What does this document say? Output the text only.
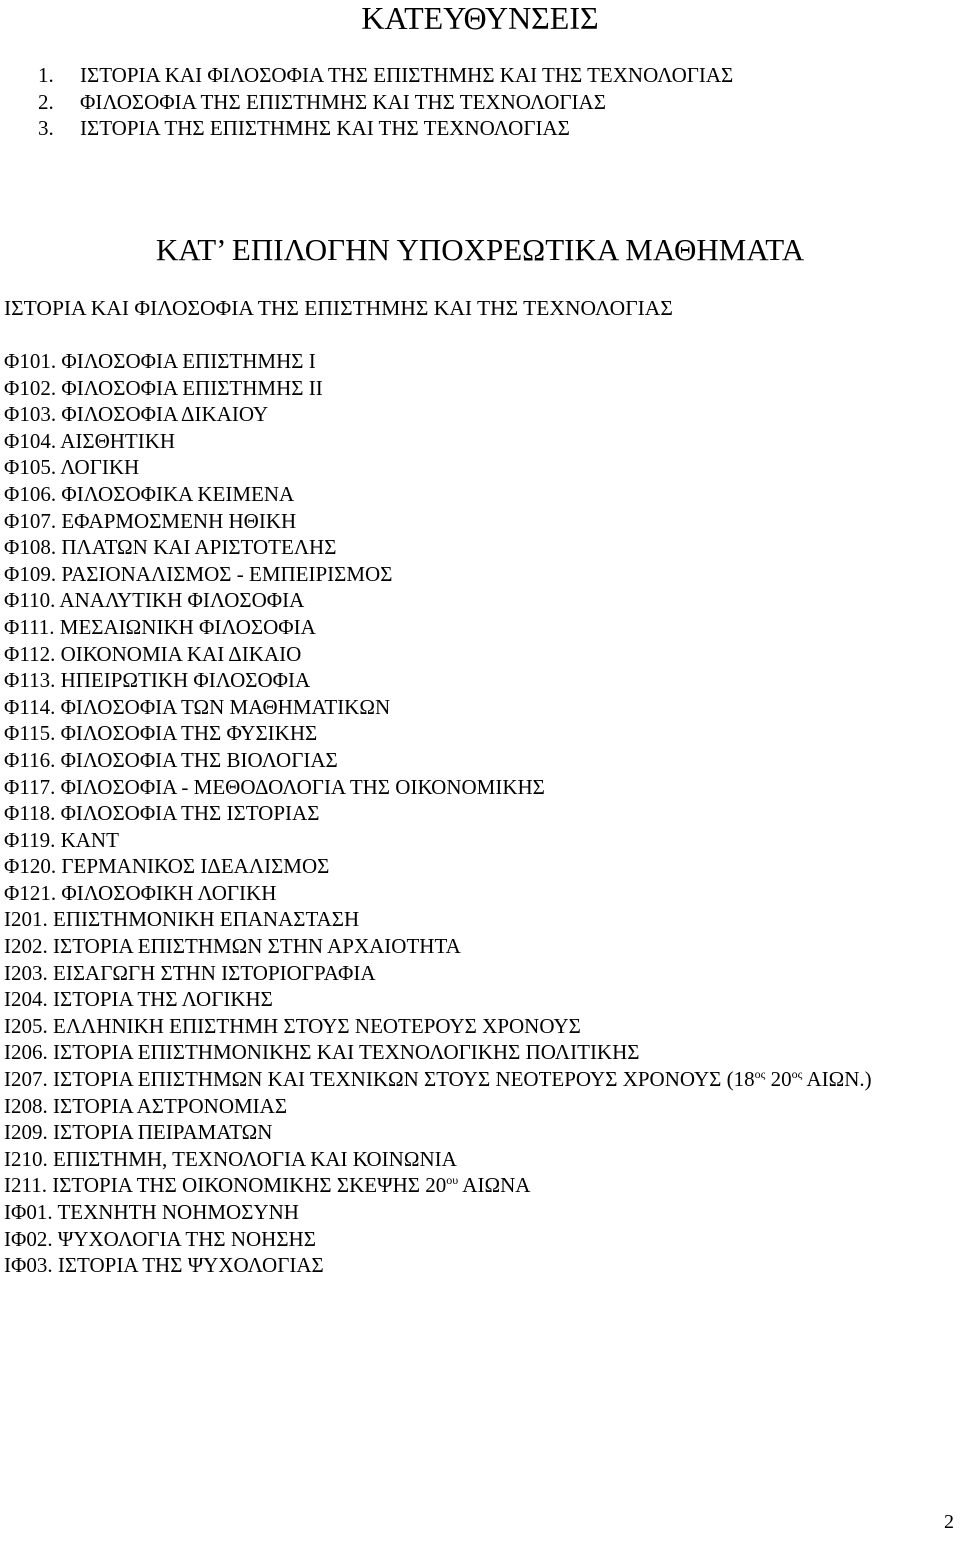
ΚΑΤΕΥΘΥΝΣΕΙΣ
1. ΙΣΤΟΡΙΑ ΚΑΙ ΦΙΛΟΣΟΦΙΑ ΤΗΣ ΕΠΙΣΤΗΜΗΣ ΚΑΙ ΤΗΣ ΤΕΧΝΟΛΟΓΙΑΣ
2. ΦΙΛΟΣΟΦΙΑ ΤΗΣ ΕΠΙΣΤΗΜΗΣ ΚΑΙ ΤΗΣ ΤΕΧΝΟΛΟΓΙΑΣ
3. ΙΣΤΟΡΙΑ ΤΗΣ ΕΠΙΣΤΗΜΗΣ ΚΑΙ ΤΗΣ ΤΕΧΝΟΛΟΓΙΑΣ
ΚΑΤ’ ΕΠΙΛΟΓΗΝ ΥΠΟΧΡΕΩΤΙΚΑ ΜΑΘΗΜΑΤΑ
ΙΣΤΟΡΙΑ ΚΑΙ ΦΙΛΟΣΟΦΙΑ ΤΗΣ ΕΠΙΣΤΗΜΗΣ ΚΑΙ ΤΗΣ ΤΕΧΝΟΛΟΓΙΑΣ
Φ101. ΦΙΛΟΣΟΦΙΑ ΕΠΙΣΤΗΜΗΣ Ι
Φ102. ΦΙΛΟΣΟΦΙΑ ΕΠΙΣΤΗΜΗΣ ΙΙ
Φ103. ΦΙΛΟΣΟΦΙΑ ΔΙΚΑΙΟΥ
Φ104. ΑΙΣΘΗΤΙΚΗ
Φ105. ΛΟΓΙΚΗ
Φ106. ΦΙΛΟΣΟΦΙΚΑ ΚΕΙΜΕΝΑ
Φ107. ΕΦΑΡΜΟΣΜΕΝΗ ΗΘΙΚΗ
Φ108. ΠΛΑΤΩΝ ΚΑΙ ΑΡΙΣΤΟΤΕΛΗΣ
Φ109. ΡΑΣΙΟΝΑΛΙΣΜΟΣ - ΕΜΠΕΙΡΙΣΜΟΣ
Φ110. ΑΝΑΛΥΤΙΚΗ ΦΙΛΟΣΟΦΙΑ
Φ111. ΜΕΣΑΙΩΝΙΚΗ ΦΙΛΟΣΟΦΙΑ
Φ112. ΟΙΚΟΝΟΜΙΑ ΚΑΙ ΔΙΚΑΙΟ
Φ113. ΗΠΕΙΡΩΤΙΚΗ ΦΙΛΟΣΟΦΙΑ
Φ114. ΦΙΛΟΣΟΦΙΑ ΤΩΝ ΜΑΘΗΜΑΤΙΚΩΝ
Φ115. ΦΙΛΟΣΟΦΙΑ ΤΗΣ ΦΥΣΙΚΗΣ
Φ116. ΦΙΛΟΣΟΦΙΑ ΤΗΣ ΒΙΟΛΟΓΙΑΣ
Φ117. ΦΙΛΟΣΟΦΙΑ - ΜΕΘΟΔΟΛΟΓΙΑ ΤΗΣ ΟΙΚΟΝΟΜΙΚΗΣ
Φ118. ΦΙΛΟΣΟΦΙΑ ΤΗΣ ΙΣΤΟΡΙΑΣ
Φ119. ΚΑΝΤ
Φ120. ΓΕΡΜΑΝΙΚΟΣ ΙΔΕΑΛΙΣΜΟΣ
Φ121. ΦΙΛΟΣΟΦΙΚΗ ΛΟΓΙΚΗ
Ι201. ΕΠΙΣΤΗΜΟΝΙΚΗ ΕΠΑΝΑΣΤΑΣΗ
Ι202. ΙΣΤΟΡΙΑ ΕΠΙΣΤΗΜΩΝ ΣΤΗΝ ΑΡΧΑΙΟΤΗΤΑ
Ι203. ΕΙΣΑΓΩΓΗ ΣΤΗΝ ΙΣΤΟΡΙΟΓΡΑΦΙΑ
Ι204. ΙΣΤΟΡΙΑ ΤΗΣ ΛΟΓΙΚΗΣ
Ι205. ΕΛΛΗΝΙΚΗ ΕΠΙΣΤΗΜΗ ΣΤΟΥΣ ΝΕΟΤΕΡΟΥΣ ΧΡΟΝΟΥΣ
Ι206. ΙΣΤΟΡΙΑ ΕΠΙΣΤΗΜΟΝΙΚΗΣ ΚΑΙ ΤΕΧΝΟΛΟΓΙΚΗΣ ΠΟΛΙΤΙΚΗΣ
Ι207. ΙΣΤΟΡΙΑ ΕΠΙΣΤΗΜΩΝ ΚΑΙ ΤΕΧΝΙΚΩΝ ΣΤΟΥΣ ΝΕΟΤΕΡΟΥΣ ΧΡΟΝΟΥΣ ($18^{o\varsigma}$ $20^{o\varsigma}$ ΑΙΩΝ.)
Ι208. ΙΣΤΟΡΙΑ ΑΣΤΡΟΝΟΜΙΑΣ
Ι209. ΙΣΤΟΡΙΑ ΠΕΙΡΑΜΑΤΩΝ
Ι210. ΕΠΙΣΤΗΜΗ, ΤΕΧΝΟΛΟΓΙΑ ΚΑΙ ΚΟΙΝΩΝΙΑ
Ι211. ΙΣΤΟΡΙΑ ΤΗΣ ΟΙΚΟΝΟΜΙΚΗΣ ΣΚΕΨΗΣ $20^{o\upsilon}$ ΑΙΩΝΑ
ΙΦ01. ΤΕΧΝΗΤΗ ΝΟΗΜΟΣΥΝΗ
ΙΦ02. ΨΥΧΟΛΟΓΙΑ ΤΗΣ ΝΟΗΣΗΣ
ΙΦ03. ΙΣΤΟΡΙΑ ΤΗΣ ΨΥΧΟΛΟΓΙΑΣ
2
